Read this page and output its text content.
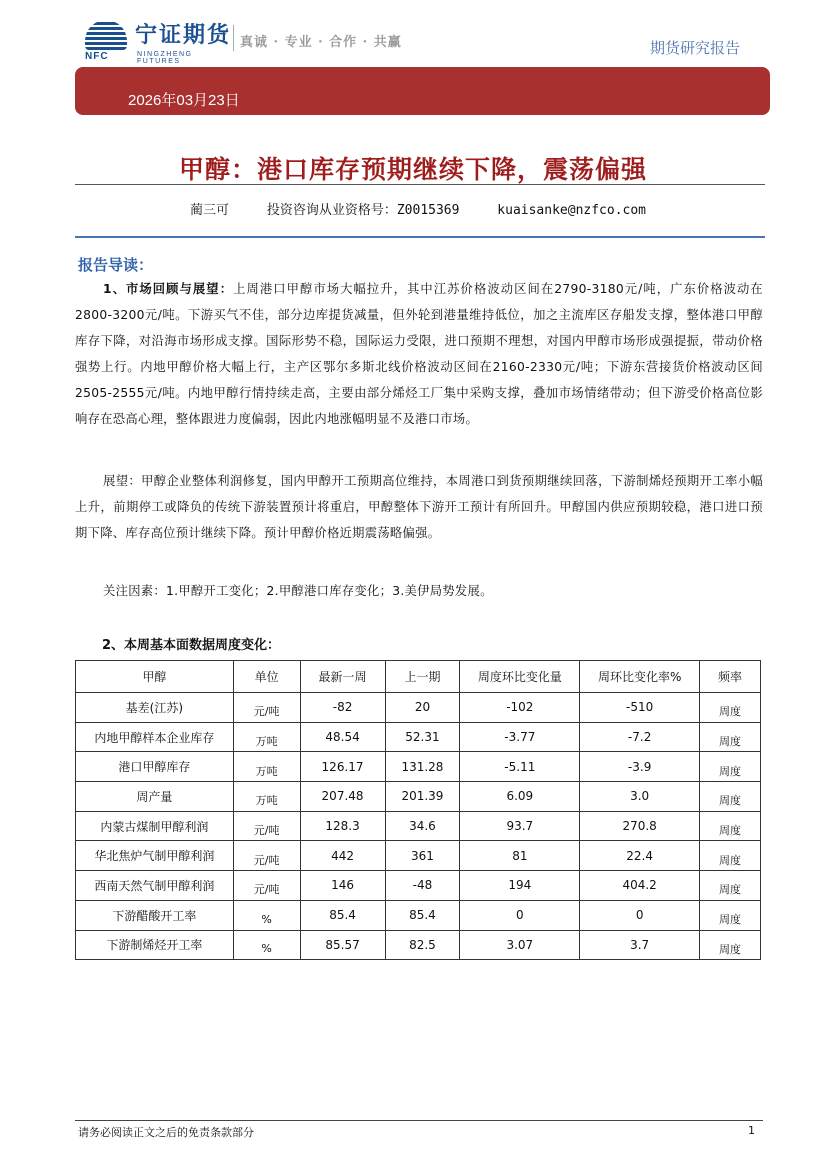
NFC
宁证期货
NINGZHENG FUTURES
真诚 · 专业 · 合作 · 共赢	期货研究报告
2026年03月23日
甲醇：港口库存预期继续下降，震荡偏强
蔺三可	投资咨询从业资格号：Z0015369	kuaisanke@nzfco.com
报告导读：
1、市场回顾与展望：上周港口甲醇市场大幅拉升，其中江苏价格波动区间在2790-3180元/吨，广东价格波动在2800-3200元/吨。下游买气不佳，部分边库提货减量，但外轮到港量维持低位，加之主流库区存船发支撑，整体港口甲醇库存下降，对沿海市场形成支撑。国际形势不稳，国际运力受限，进口预期不理想，对国内甲醇市场形成强提振，带动价格强势上行。内地甲醇价格大幅上行，主产区鄂尔多斯北线价格波动区间在2160-2330元/吨；下游东营接货价格波动区间2505-2555元/吨。内地甲醇行情持续走高，主要由部分烯烃工厂集中采购支撑，叠加市场情绪带动；但下游受价格高位影响存在恐高心理，整体跟进力度偏弱，因此内地涨幅明显不及港口市场。
展望：甲醇企业整体利润修复，国内甲醇开工预期高位维持，本周港口到货预期继续回落，下游制烯烃预期开工率小幅上升，前期停工或降负的传统下游装置预计将重启，甲醇整体下游开工预计有所回升。甲醇国内供应预期较稳，港口进口预期下降、库存高位预计继续下降。预计甲醇价格近期震荡略偏强。
关注因素：1.甲醇开工变化；2.甲醇港口库存变化；3.美伊局势发展。
2、本周基本面数据周度变化：
甲醇	单位	最新一周	上一期	周度环比变化量	周环比变化率%	频率
基差(江苏)	元/吨	-82	20	-102	-510	周度
内地甲醇样本企业库存	万吨	48.54	52.31	-3.77	-7.2	周度
港口甲醇库存	万吨	126.17	131.28	-5.11	-3.9	周度
周产量	万吨	207.48	201.39	6.09	3.0	周度
内蒙古煤制甲醇利润	元/吨	128.3	34.6	93.7	270.8	周度
华北焦炉气制甲醇利润	元/吨	442	361	81	22.4	周度
西南天然气制甲醇利润	元/吨	146	-48	194	404.2	周度
下游醋酸开工率	%	85.4	85.4	0	0	周度
下游制烯烃开工率	%	85.57	82.5	3.07	3.7	周度
请务必阅读正文之后的免责条款部分	1
